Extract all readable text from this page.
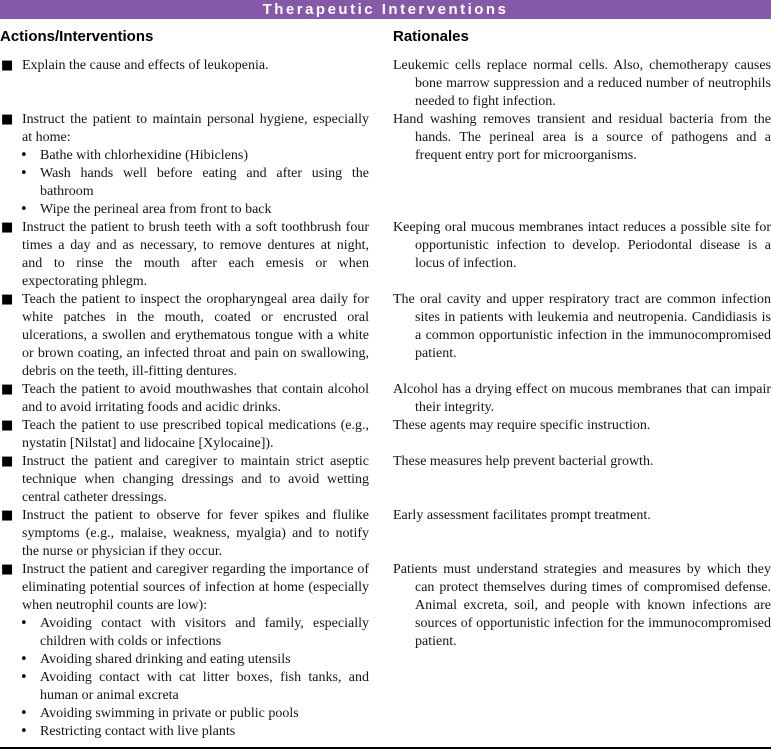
Therapeutic Interventions
Actions/Interventions	Rationales

■ Explain the cause and effects of leukopenia.	Leukemic cells replace normal cells. Also, chemotherapy causes bone marrow suppression and a reduced number of neutrophils needed to fight infection.

■ Instruct the patient to maintain personal hygiene, especially at home:
• Bathe with chlorhexidine (Hibiclens)
• Wash hands well before eating and after using the bathroom
• Wipe the perineal area from front to back

Hand washing removes transient and residual bacteria from the hands. The perineal area is a source of pathogens and a frequent entry port for microorganisms.

■ Instruct the patient to brush teeth with a soft toothbrush four times a day and as necessary, to remove dentures at night, and to rinse the mouth after each emesis or when expectorating phlegm.

Keeping oral mucous membranes intact reduces a possible site for opportunistic infection to develop. Periodontal disease is a locus of infection.

■ Teach the patient to inspect the oropharyngeal area daily for white patches in the mouth, coated or encrusted oral ulcerations, a swollen and erythematous tongue with a white or brown coating, an infected throat and pain on swallowing, debris on the teeth, ill-fitting dentures.

The oral cavity and upper respiratory tract are common infection sites in patients with leukemia and neutropenia. Candidiasis is a common opportunistic infection in the immunocompromised patient.

■ Teach the patient to avoid mouthwashes that contain alcohol and to avoid irritating foods and acidic drinks.

Alcohol has a drying effect on mucous membranes that can impair their integrity.

■ Teach the patient to use prescribed topical medications (e.g., nystatin [Nilstat] and lidocaine [Xylocaine]).

These agents may require specific instruction.

■ Instruct the patient and caregiver to maintain strict aseptic technique when changing dressings and to avoid wetting central catheter dressings.

These measures help prevent bacterial growth.

■ Instruct the patient to observe for fever spikes and flulike symptoms (e.g., malaise, weakness, myalgia) and to notify the nurse or physician if they occur.

Early assessment facilitates prompt treatment.

■ Instruct the patient and caregiver regarding the importance of eliminating potential sources of infection at home (especially when neutrophil counts are low):
• Avoiding contact with visitors and family, especially children with colds or infections
• Avoiding shared drinking and eating utensils
• Avoiding contact with cat litter boxes, fish tanks, and human or animal excreta
• Avoiding swimming in private or public pools
• Restricting contact with live plants

Patients must understand strategies and measures by which they can protect themselves during times of compromised defense. Animal excreta, soil, and people with known infections are sources of opportunistic infection for the immunocompromised patient.
